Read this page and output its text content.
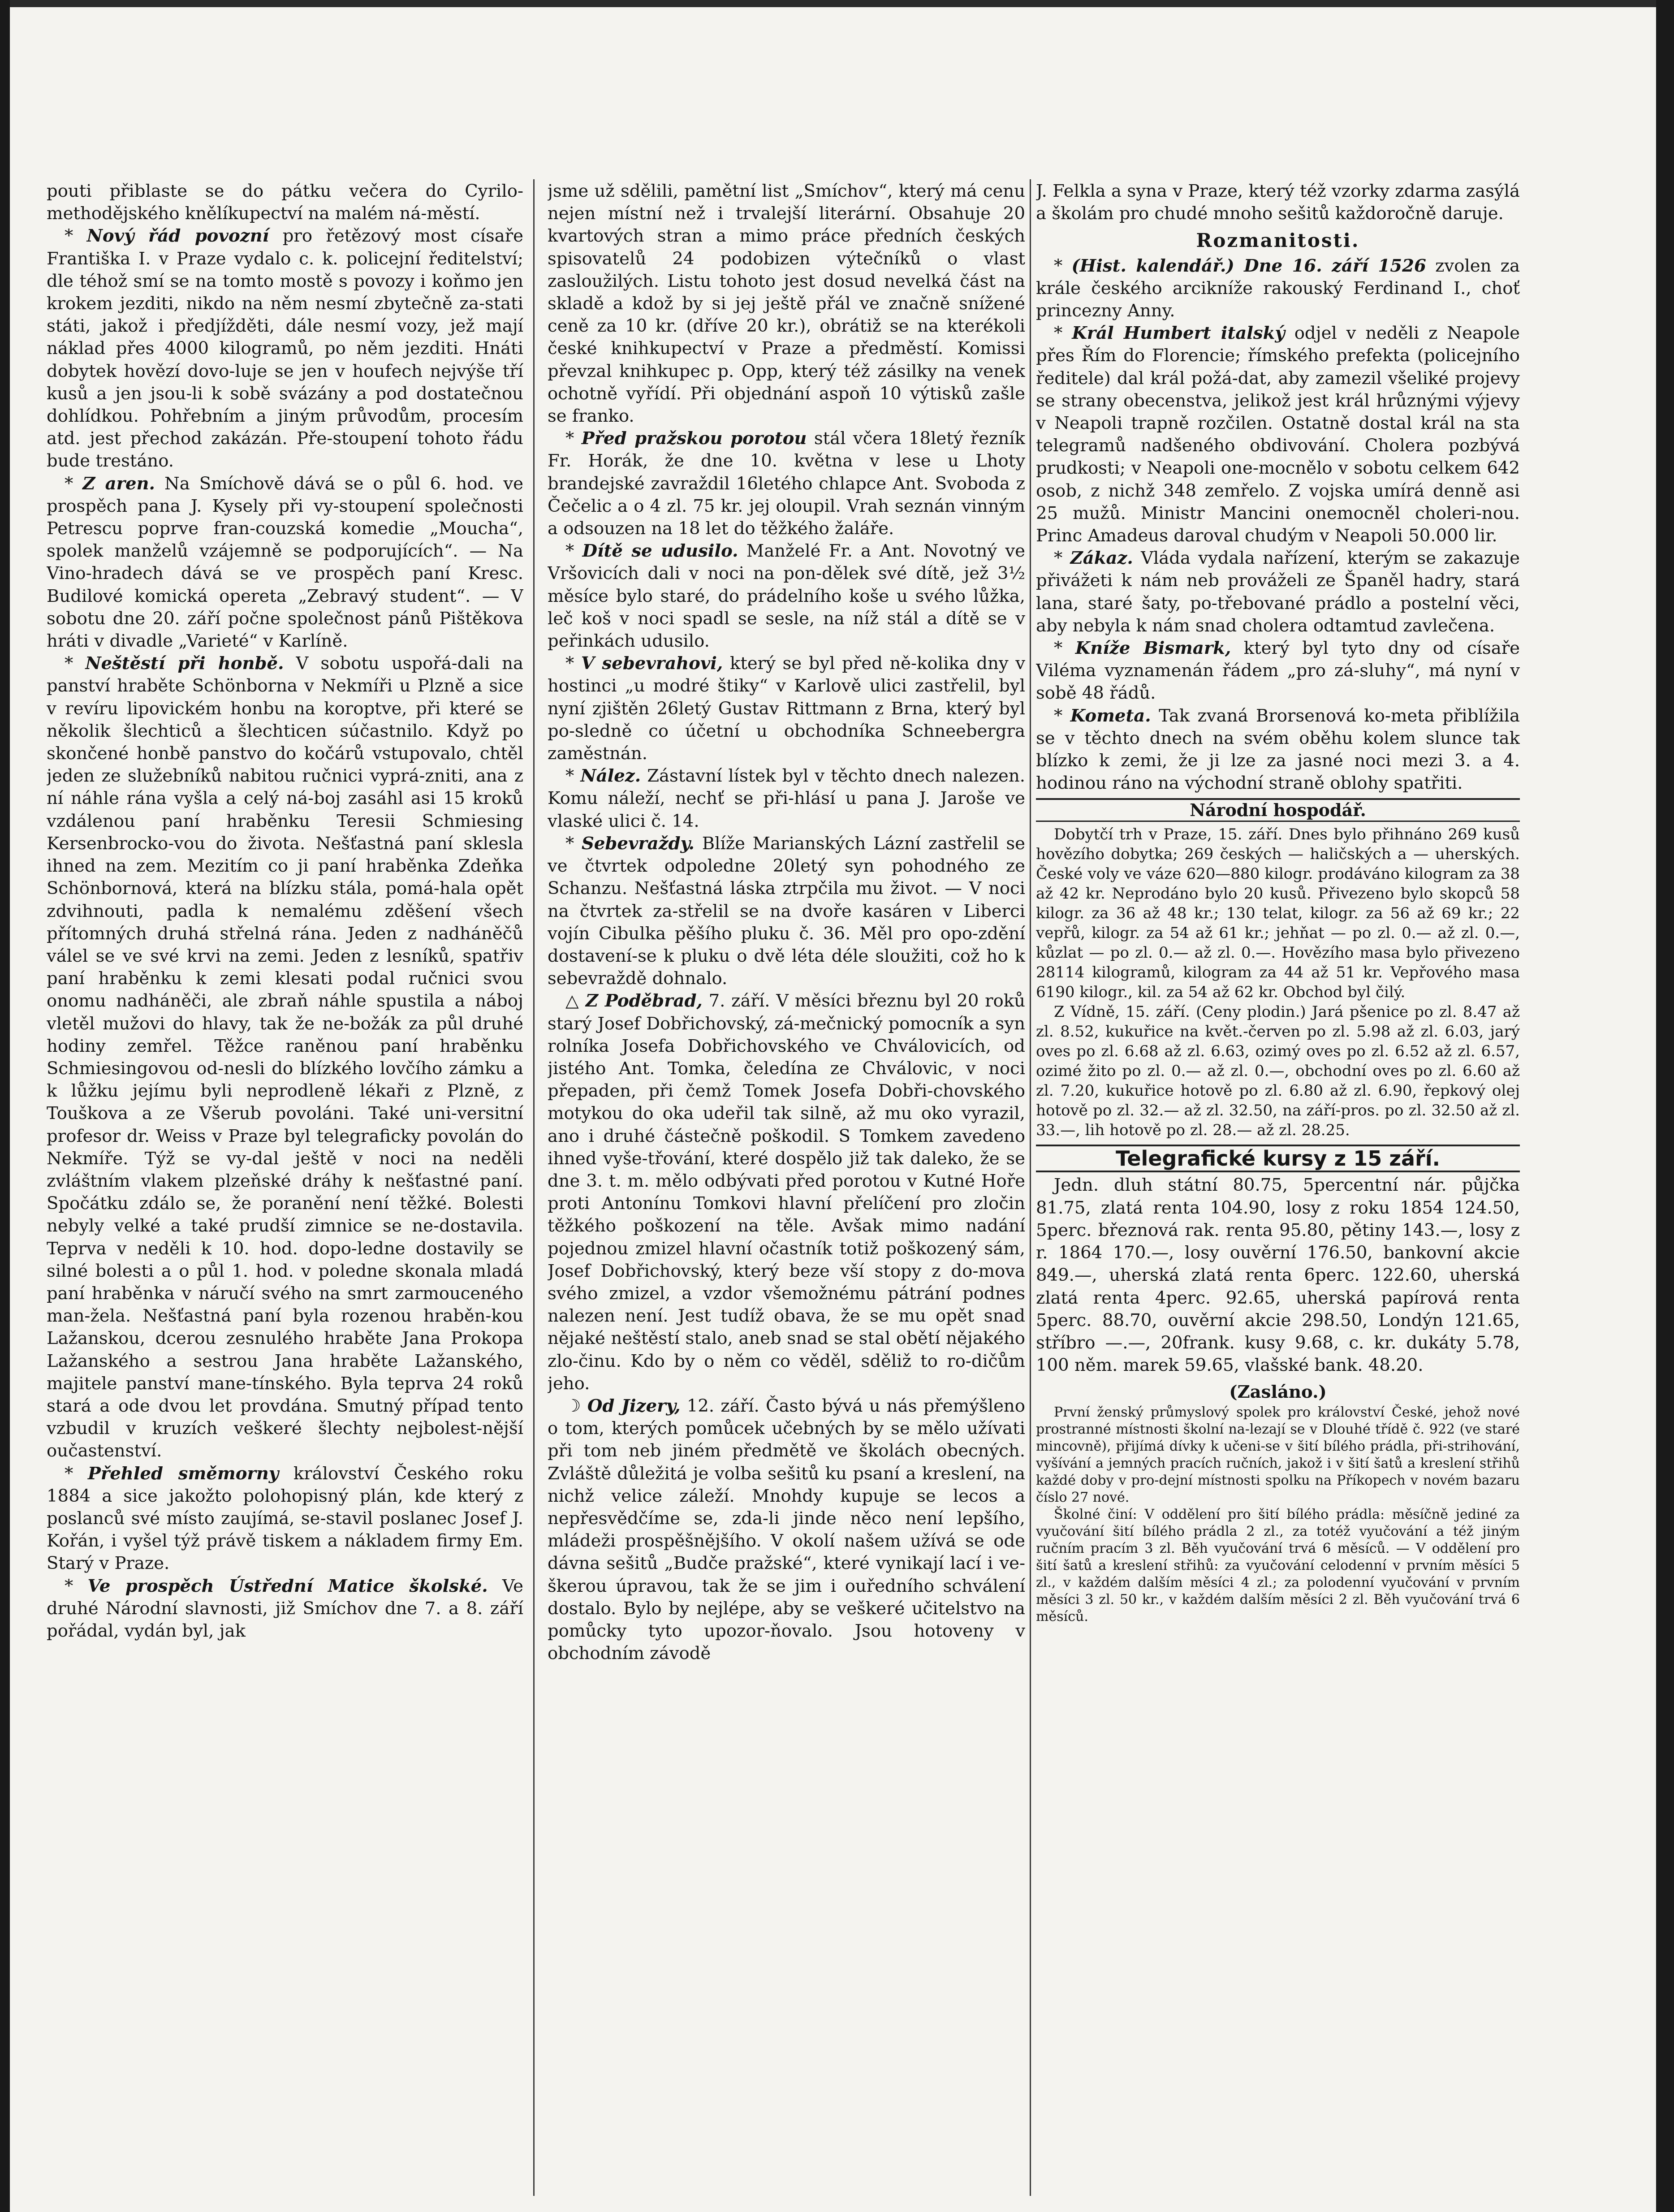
pouti přiblaste se do pátku večera do Cyrilo-methodějského knělíkupectví na malém ná-městí.

* Nový řád povozní pro řetězový most císaře Františka I. v Praze vydalo c. k. policejní ředitelství; dle téhož smí se na tomto mostě s povozy i koňmo jen krokem jezditi, nikdo na něm nesmí zbytečně za-stati státi, jakož i předjížděti, dále nesmí vozy, jež mají náklad přes 4000 kilogramů, po něm jezditi. Hnáti dobytek hovězí dovo-luje se jen v houfech nejvýše tří kusů a jen jsou-li k sobě svázány a pod dostatečnou dohlídkou. Pohřebním a jiným průvodům, procesím atd. jest přechod zakázán. Pře-stoupení tohoto řádu bude trestáno.

* Z aren. Na Smíchově dává se o půl 6. hod. ve prospěch pana J. Kysely při vy-stoupení společnosti Petrescu poprve fran-couzská komedie „Moucha“, spolek manželů vzájemně se podporujících“. — Na Vino-hradech dává se ve prospěch paní Kresc. Budilové komická opereta „Zebravý student“. — V sobotu dne 20. září počne společnost pánů Pištěkova hráti v divadle „Varieté“ v Karlíně.

* Neštěstí při honbě. V sobotu uspořá-dali na panství hraběte Schönborna v Nekmíři u Plzně a sice v revíru lipovickém honbu na koroptve, při které se několik šlechticů a šlechticen súčastnilo. Když po skončené honbě panstvo do kočárů vstupovalo, chtěl jeden ze služebníků nabitou ručnici vyprá-zniti, ana z ní náhle rána vyšla a celý ná-boj zasáhl asi 15 kroků vzdálenou paní hraběnku Teresii Schmiesing Kersenbrocko-vou do života. Nešťastná paní sklesla ihned na zem. Mezitím co ji paní hraběnka Zdeňka Schönbornová, která na blízku stála, pomá-hala opět zdvihnouti, padla k nemalému zděšení všech přítomných druhá střelná rána. Jeden z nadháněčů válel se ve své krvi na zemi. Jeden z lesníků, spatřiv paní hraběnku k zemi klesati podal ručnici svou onomu nadháněči, ale zbraň náhle spustila a náboj vletěl mužovi do hlavy, tak že ne-božák za půl druhé hodiny zemřel. Těžce raněnou paní hraběnku Schmiesingovou od-nesli do blízkého lovčího zámku a k lůžku jejímu byli neprodleně lékaři z Plzně, z Touškova a ze Všerub povoláni. Také uni-versitní profesor dr. Weiss v Praze byl telegraficky povolán do Nekmíře. Týž se vy-dal ještě v noci na neděli zvláštním vlakem plzeňské dráhy k nešťastné paní. Spočátku zdálo se, že poranění není těžké. Bolesti nebyly velké a také prudší zimnice se ne-dostavila. Teprva v neděli k 10. hod. dopo-ledne dostavily se silné bolesti a o půl 1. hod. v poledne skonala mladá paní hraběnka v náručí svého na smrt zarmouceného man-žela. Nešťastná paní byla rozenou hraběn-kou Lažanskou, dcerou zesnulého hraběte Jana Prokopa Lažanského a sestrou Jana hraběte Lažanského, majitele panství mane-tínského. Byla teprva 24 roků stará a ode dvou let provdána. Smutný případ tento vzbudil v kruzích veškeré šlechty nejbolest-nější oučastenství.

* Přehled směmorny království Českého roku 1884 a sice jakožto polohopisný plán, kde který z poslanců své místo zaujímá, se-stavil poslanec Josef J. Kořán, i vyšel týž právě tiskem a nákladem firmy Em. Starý v Praze.

* Ve prospěch Ústřední Matice školské. Ve druhé Národní slavnosti, již Smíchov dne 7. a 8. září pořádal, vydán byl, jak

jsme už sdělili, pamětní list „Smíchov“, který má cenu nejen místní než i trvalejší literární. Obsahuje 20 kvartových stran a mimo práce předních českých spisovatelů 24 podobizen výtečníků o vlast zasloužilých. Listu tohoto jest dosud nevelká část na skladě a kdož by si jej ještě přál ve značně snížené ceně za 10 kr. (dříve 20 kr.), obrátiž se na kterékoli české knihkupectví v Praze a předměstí. Komissi převzal knihkupec p. Opp, který též zásilky na venek ochotně vyřídí. Při objednání aspoň 10 výtisků zašle se franko.

* Před pražskou porotou stál včera 18letý řezník Fr. Horák, že dne 10. května v lese u Lhoty brandejské zavraždil 16letého chlapce Ant. Svoboda z Čečelic a o 4 zl. 75 kr. jej oloupil. Vrah seznán vinným a odsouzen na 18 let do těžkého žaláře.

* Dítě se udusilo. Manželé Fr. a Ant. Novotný ve Vršovicích dali v noci na pon-dělek své dítě, jež 3½ měsíce bylo staré, do prádelního koše u svého lůžka, leč koš v noci spadl se sesle, na níž stál a dítě se v peřinkách udusilo.

* V sebevrahovi, který se byl před ně-kolika dny v hostinci „u modré štiky“ v Karlově ulici zastřelil, byl nyní zjištěn 26letý Gustav Rittmann z Brna, který byl po-sledně co účetní u obchodníka Schneebergra zaměstnán.

* Nález. Zástavní lístek byl v těchto dnech nalezen. Komu náleží, nechť se při-hlásí u pana J. Jaroše ve vlaské ulici č. 14.

* Sebevraždy. Blíže Marianských Lázní zastřelil se ve čtvrtek odpoledne 20letý syn pohodného ze Schanzu. Nešťastná láska ztrpčila mu život. — V noci na čtvrtek za-střelil se na dvoře kasáren v Liberci vojín Cibulka pěšího pluku č. 36. Měl pro opo-zdění dostavení-se k pluku o dvě léta déle sloužiti, což ho k sebevraždě dohnalo.

△ Z Poděbrad, 7. září. V měsíci březnu byl 20 roků starý Josef Dobřichovský, zá-mečnický pomocník a syn rolníka Josefa Dobřichovského ve Chválovicích, od jistého Ant. Tomka, čeledína ze Chválovic, v noci přepaden, při čemž Tomek Josefa Dobři-chovského motykou do oka udeřil tak silně, až mu oko vyrazil, ano i druhé částečně poškodil. S Tomkem zavedeno ihned vyše-třování, které dospělo již tak daleko, že se dne 3. t. m. mělo odbývati před porotou v Kutné Hoře proti Antonínu Tomkovi hlavní přelíčení pro zločin těžkého poškození na těle. Avšak mimo nadání pojednou zmizel hlavní očastník totiž poškozený sám, Josef Dobřichovský, který beze vší stopy z do-mova svého zmizel, a vzdor všemožnému pátrání podnes nalezen není. Jest tudíž obava, že se mu opět snad nějaké neštěstí stalo, aneb snad se stal obětí nějakého zlo-činu. Kdo by o něm co věděl, sděliž to ro-dičům jeho.

☽ Od Jizery, 12. září. Často bývá u nás přemýšleno o tom, kterých pomůcek učebných by se mělo užívati při tom neb jiném předmětě ve školách obecných. Zvláště důležitá je volba sešitů ku psaní a kreslení, na nichž velice záleží. Mnohdy kupuje se lecos a nepřesvědčíme se, zda-li jinde něco není lepšího, mládeži prospěšnějšího. V okolí našem užívá se ode dávna sešitů „Budče pražské“, které vynikají lací i ve-škerou úpravou, tak že se jim i ouředního schválení dostalo. Bylo by nejlépe, aby se veškeré učitelstvo na pomůcky tyto upozor-ňovalo. Jsou hotoveny v obchodním závodě

J. Felkla a syna v Praze, který též vzorky zdarma zasýlá a školám pro chudé mnoho sešitů každoročně daruje.

Rozmanitosti.

* (Hist. kalendář.) Dne 16. září 1526 zvolen za krále českého arcikníže rakouský Ferdinand I., choť princezny Anny.

* Král Humbert italský odjel v neděli z Neapole přes Řím do Florencie; římského prefekta (policejního ředitele) dal král požá-dat, aby zamezil všeliké projevy se strany obecenstva, jelikož jest král hrůznými výjevy v Neapoli trapně rozčilen. Ostatně dostal král na sta telegramů nadšeného obdivování. Cholera pozbývá prudkosti; v Neapoli one-mocnělo v sobotu celkem 642 osob, z nichž 348 zemřelo. Z vojska umírá denně asi 25 mužů. Ministr Mancini onemocněl choleri-nou. Princ Amadeus daroval chudým v Neapoli 50.000 lir.

* Zákaz. Vláda vydala nařízení, kterým se zakazuje přivážeti k nám neb prováželi ze Španěl hadry, stará lana, staré šaty, po-třebované prádlo a postelní věci, aby nebyla k nám snad cholera odtamtud zavlečena.

* Kníže Bismark, který byl tyto dny od císaře Viléma vyznamenán řádem „pro zá-sluhy“, má nyní v sobě 48 řádů.

* Kometa. Tak zvaná Brorsenová ko-meta přiblížila se v těchto dnech na svém oběhu kolem slunce tak blízko k zemi, že ji lze za jasné noci mezi 3. a 4. hodinou ráno na východní straně oblohy spatřiti.

Národní hospodář.

Dobytčí trh v Praze, 15. září. Dnes bylo přihnáno 269 kusů hovězího dobytka; 269 českých — haličských a — uherských. České voly ve váze 620—880 kilogr. prodáváno kilogram za 38 až 42 kr. Neprodáno bylo 20 kusů. Přivezeno bylo skopců 58 kilogr. za 36 až 48 kr.; 130 telat, kilogr. za 56 až 69 kr.; 22 vepřů, kilogr. za 54 až 61 kr.; jehňat — po zl. 0.— až zl. 0.—, kůzlat — po zl. 0.— až zl. 0.—. Hovězího masa bylo přivezeno 28114 kilogramů, kilogram za 44 až 51 kr. Vepřového masa 6190 kilogr., kil. za 54 až 62 kr. Obchod byl čilý.

Z Vídně, 15. září. (Ceny plodin.) Jará pšenice po zl. 8.47 až zl. 8.52, kukuřice na květ.-červen po zl. 5.98 až zl. 6.03, jarý oves po zl. 6.68 až zl. 6.63, ozimý oves po zl. 6.52 až zl. 6.57, ozimé žito po zl. 0.— až zl. 0.—, obchodní oves po zl. 6.60 až zl. 7.20, kukuřice hotově po zl. 6.80 až zl. 6.90, řepkový olej hotově po zl. 32.— až zl. 32.50, na září-pros. po zl. 32.50 až zl. 33.—, lih hotově po zl. 28.— až zl. 28.25.

Telegrafické kursy z 15 září.

Jedn. dluh státní 80.75, 5percentní nár. půjčka 81.75, zlatá renta 104.90, losy z roku 1854 124.50, 5perc. březnová rak. renta 95.80, pětiny 143.—, losy z r. 1864 170.—, losy ouvěrní 176.50, bankovní akcie 849.—, uherská zlatá renta 6perc. 122.60, uherská zlatá renta 4perc. 92.65, uherská papírová renta 5perc. 88.70, ouvěrní akcie 298.50, Londýn 121.65, stříbro —.—, 20frank. kusy 9.68, c. kr. dukáty 5.78, 100 něm. marek 59.65, vlašské bank. 48.20.

(Zasláno.)

První ženský průmyslový spolek pro království České, jehož nové prostranné místnosti školní na-lezají se v Dlouhé třídě č. 922 (ve staré mincovně), přijímá dívky k učeni-se v šití bílého prádla, při-strihování, vyšívání a jemných pracích ručních, jakož i v šití šatů a kreslení střihů každé doby v pro-dejní místnosti spolku na Příkopech v novém bazaru číslo 27 nové.

Školné činí: V oddělení pro šití bílého prádla: měsíčně jediné za vyučování šití bílého prádla 2 zl., za totéž vyučování a též jiným ručním pracím 3 zl. Běh vyučování trvá 6 měsíců. — V oddělení pro šití šatů a kreslení střihů: za vyučování celodenní v prvním měsíci 5 zl., v každém dalším měsíci 4 zl.; za polodenní vyučování v prvním měsíci 3 zl. 50 kr., v každém dalším měsíci 2 zl. Běh vyučování trvá 6 měsíců.
